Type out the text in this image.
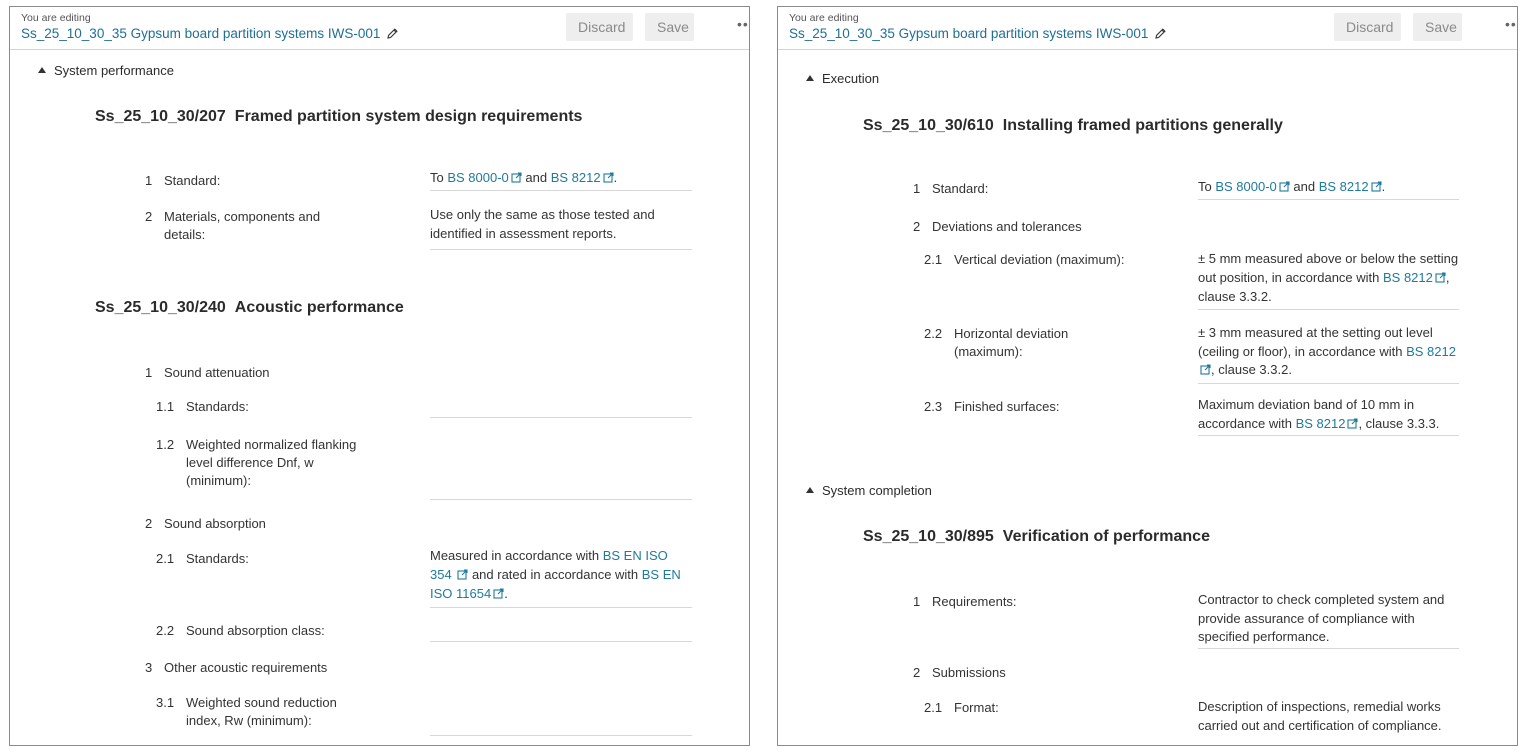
You are editing
Ss_25_10_30_35 Gypsum board partition systems IWS-001	Discard	Save	••
System performance
Ss_25_10_30/207 Framed partition system design requirements
1 Standard:	To BS 8000-0 and BS 8212 .
2 Materials, components and details:
Use only the same as those tested and identified in assessment reports.
Ss_25_10_30/240 Acoustic performance
1 Sound attenuation
1.1 Standards:
1.2 Weighted normalized flanking level difference Dnf, w (minimum):
2 Sound absorption
2.1 Standards:	Measured in accordance with BS EN ISO 354  and rated in accordance with BS EN ISO 11654 .
2.2 Sound absorption class:
3 Other acoustic requirements
3.1 Weighted sound reduction index, Rw (minimum):
You are editing
Ss_25_10_30_35 Gypsum board partition systems IWS-001	Discard	Save	••
Execution
Ss_25_10_30/610 Installing framed partitions generally
1 Standard:	To BS 8000-0 and BS 8212 .
2 Deviations and tolerances
2.1 Vertical deviation (maximum):	± 5 mm measured above or below the setting out position, in accordance with BS 8212 , clause 3.3.2.
2.2 Horizontal deviation (maximum):
± 3 mm measured at the setting out level (ceiling or floor), in accordance with BS 8212 , clause 3.3.2.
2.3 Finished surfaces:	Maximum deviation band of 10 mm in accordance with BS 8212 , clause 3.3.3.
System completion
Ss_25_10_30/895 Verification of performance
1 Requirements:	Contractor to check completed system and provide assurance of compliance with specified performance.
2 Submissions
2.1 Format:	Description of inspections, remedial works carried out and certification of compliance.
